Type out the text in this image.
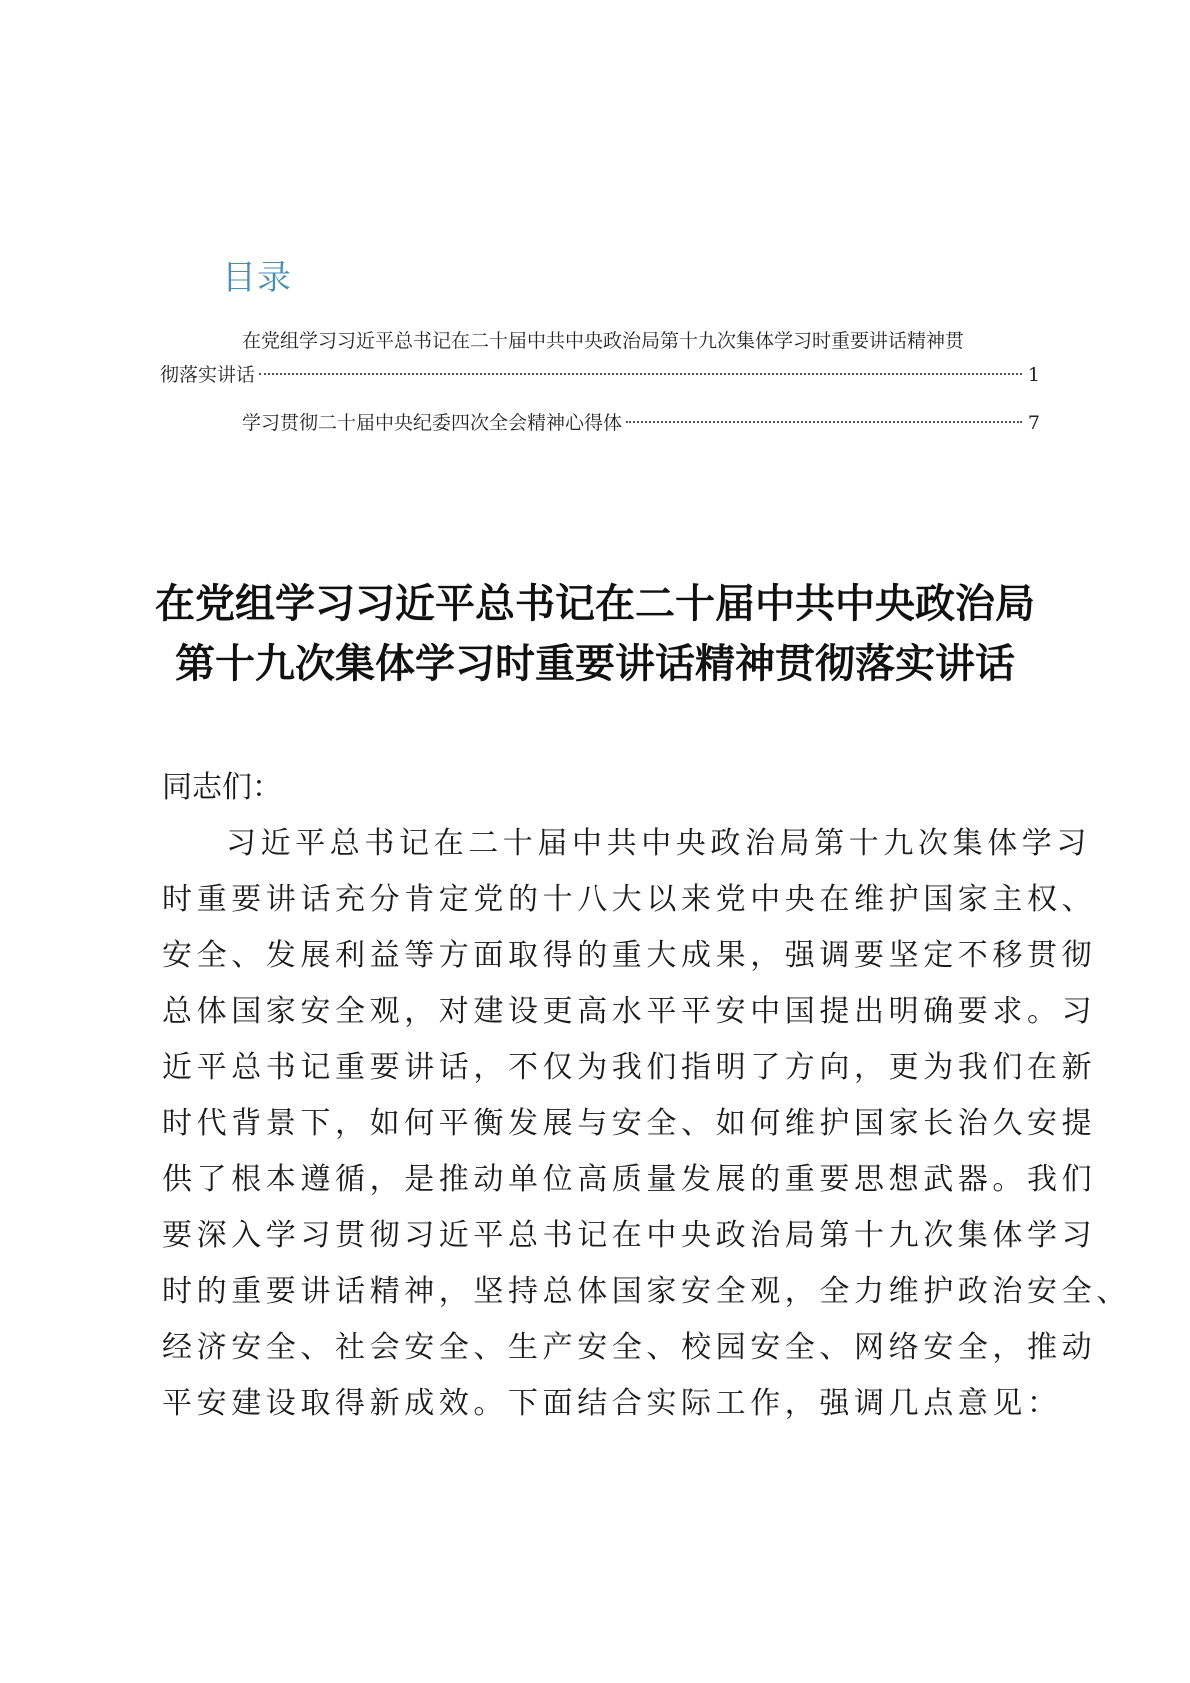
目录
在党组学习习近平总书记在二十届中共中央政治局第十九次集体学习时重要讲话精神贯
彻落实讲话	1
学习贯彻二十届中央纪委四次全会精神心得体	7
在党组学习习近平总书记在二十届中共中央政治局
第十九次集体学习时重要讲话精神贯彻落实讲话
同志们：
习近平总书记在二十届中共中央政治局第十九次集体学习
时重要讲话充分肯定党的十八大以来党中央在维护国家主权、
安全、发展利益等方面取得的重大成果，强调要坚定不移贯彻
总体国家安全观，对建设更高水平平安中国提出明确要求。习
近平总书记重要讲话，不仅为我们指明了方向，更为我们在新
时代背景下，如何平衡发展与安全、如何维护国家长治久安提
供了根本遵循，是推动单位高质量发展的重要思想武器。我们
要深入学习贯彻习近平总书记在中央政治局第十九次集体学习
时的重要讲话精神，坚持总体国家安全观，全力维护政治安全、
经济安全、社会安全、生产安全、校园安全、网络安全，推动
平安建设取得新成效。下面结合实际工作，强调几点意见：
